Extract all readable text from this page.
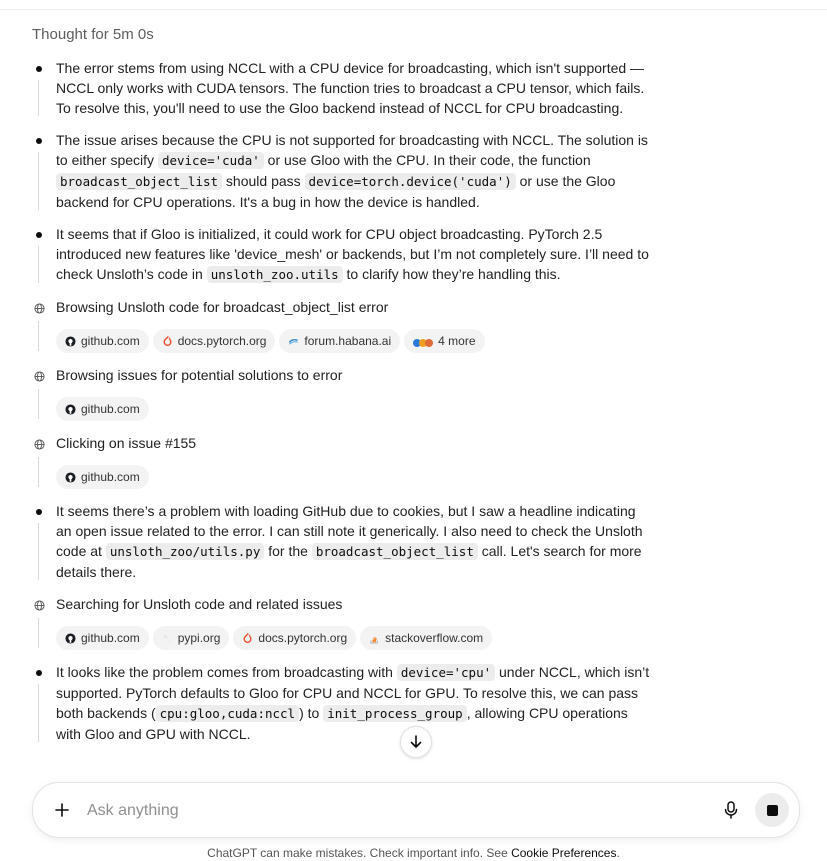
Thought for 5m 0s
The error stems from using NCCL with a CPU device for broadcasting, which isn't supported — NCCL only works with CUDA tensors. The function tries to broadcast a CPU tensor, which fails. To resolve this, you'll need to use the Gloo backend instead of NCCL for CPU broadcasting.
The issue arises because the CPU is not supported for broadcasting with NCCL. The solution is to either specify device='cuda' or use Gloo with the CPU. In their code, the function broadcast_object_list should pass device=torch.device('cuda') or use the Gloo backend for CPU operations. It's a bug in how the device is handled.
It seems that if Gloo is initialized, it could work for CPU object broadcasting. PyTorch 2.5 introduced new features like 'device_mesh' or backends, but I’m not completely sure. I’ll need to check Unsloth’s code in unsloth_zoo.utils to clarify how they’re handling this.
Browsing Unsloth code for broadcast_object_list error
github.com	docs.pytorch.org	forum.habana.ai	4 more
Browsing issues for potential solutions to error
github.com
Clicking on issue #155
github.com
It seems there’s a problem with loading GitHub due to cookies, but I saw a headline indicating an open issue related to the error. I can still note it generically. I also need to check the Unsloth code at unsloth_zoo/utils.py for the broadcast_object_list call. Let's search for more details there.
Searching for Unsloth code and related issues
github.com	pypi.org	docs.pytorch.org	stackoverflow.com
It looks like the problem comes from broadcasting with device='cpu' under NCCL, which isn’t supported. PyTorch defaults to Gloo for CPU and NCCL for GPU. To resolve this, we can pass both backends ( cpu:gloo,cuda:nccl ) to init_process_group , allowing CPU operations with Gloo and GPU with NCCL.
Ask anything
ChatGPT can make mistakes. Check important info. See Cookie Preferences.
